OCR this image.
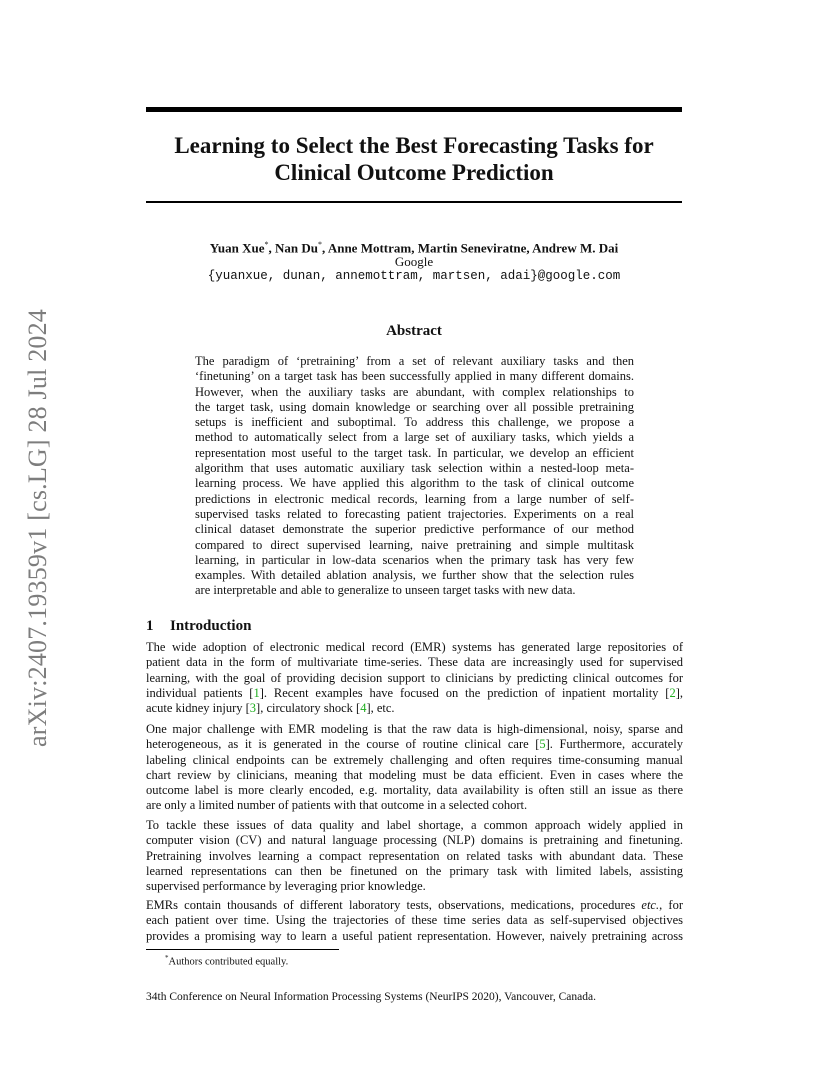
arXiv:2407.19359v1 [cs.LG] 28 Jul 2024
Learning to Select the Best Forecasting Tasks for
Clinical Outcome Prediction
Yuan Xue*, Nan Du*, Anne Mottram, Martin Seneviratne, Andrew M. Dai
Google
{yuanxue, dunan, annemottram, martsen, adai}@google.com
Abstract
The paradigm of ‘pretraining’ from a set of relevant auxiliary tasks and then
‘finetuning’ on a target task has been successfully applied in many different domains.
However, when the auxiliary tasks are abundant, with complex relationships to
the target task, using domain knowledge or searching over all possible pretraining
setups is inefficient and suboptimal. To address this challenge, we propose a
method to automatically select from a large set of auxiliary tasks, which yields a
representation most useful to the target task. In particular, we develop an efficient
algorithm that uses automatic auxiliary task selection within a nested-loop meta-
learning process. We have applied this algorithm to the task of clinical outcome
predictions in electronic medical records, learning from a large number of self-
supervised tasks related to forecasting patient trajectories. Experiments on a real
clinical dataset demonstrate the superior predictive performance of our method
compared to direct supervised learning, naive pretraining and simple multitask
learning, in particular in low-data scenarios when the primary task has very few
examples. With detailed ablation analysis, we further show that the selection rules
are interpretable and able to generalize to unseen target tasks with new data.
1 Introduction
The wide adoption of electronic medical record (EMR) systems has generated large repositories of
patient data in the form of multivariate time-series. These data are increasingly used for supervised
learning, with the goal of providing decision support to clinicians by predicting clinical outcomes for
individual patients [1]. Recent examples have focused on the prediction of inpatient mortality [2],
acute kidney injury [3], circulatory shock [4], etc.
One major challenge with EMR modeling is that the raw data is high-dimensional, noisy, sparse and
heterogeneous, as it is generated in the course of routine clinical care [5]. Furthermore, accurately
labeling clinical endpoints can be extremely challenging and often requires time-consuming manual
chart review by clinicians, meaning that modeling must be data efficient. Even in cases where the
outcome label is more clearly encoded, e.g. mortality, data availability is often still an issue as there
are only a limited number of patients with that outcome in a selected cohort.
To tackle these issues of data quality and label shortage, a common approach widely applied in
computer vision (CV) and natural language processing (NLP) domains is pretraining and finetuning.
Pretraining involves learning a compact representation on related tasks with abundant data. These
learned representations can then be finetuned on the primary task with limited labels, assisting
supervised performance by leveraging prior knowledge.
EMRs contain thousands of different laboratory tests, observations, medications, procedures etc., for
each patient over time. Using the trajectories of these time series data as self-supervised objectives
provides a promising way to learn a useful patient representation. However, naively pretraining across
*Authors contributed equally.
34th Conference on Neural Information Processing Systems (NeurIPS 2020), Vancouver, Canada.
